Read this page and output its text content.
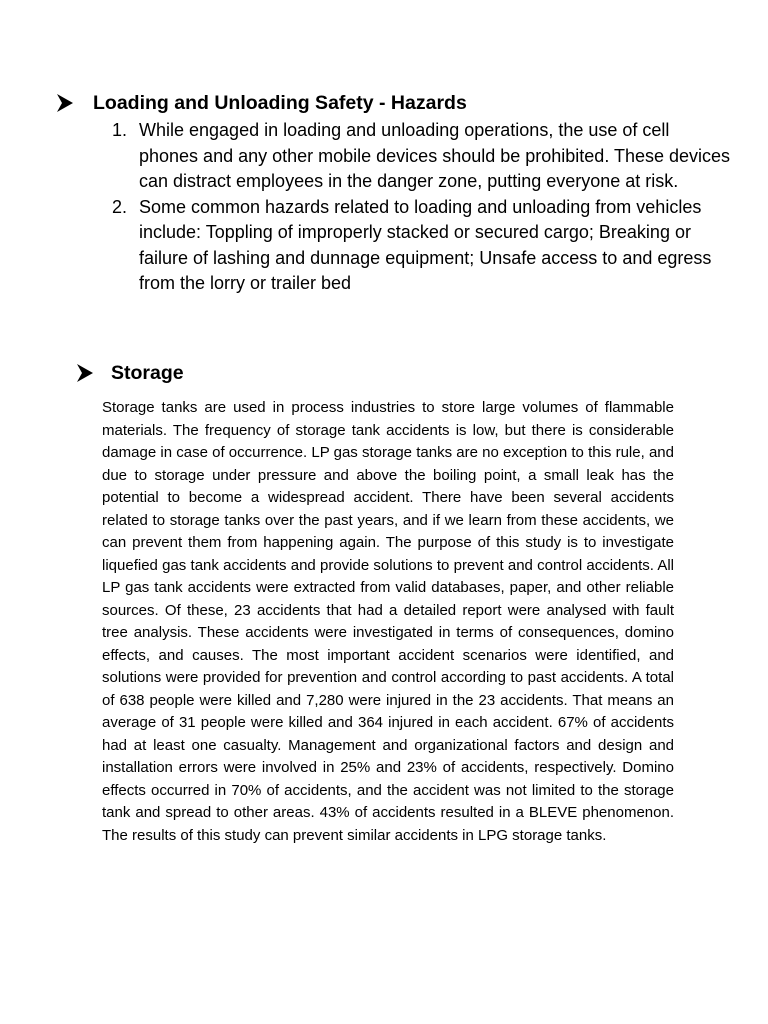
Loading and Unloading Safety - Hazards
1. While engaged in loading and unloading operations, the use of cell phones and any other mobile devices should be prohibited. These devices can distract employees in the danger zone, putting everyone at risk.
2. Some common hazards related to loading and unloading from vehicles include: Toppling of improperly stacked or secured cargo; Breaking or failure of lashing and dunnage equipment; Unsafe access to and egress from the lorry or trailer bed
Storage

Storage tanks are used in process industries to store large volumes of flammable materials. The frequency of storage tank accidents is low, but there is considerable damage in case of occurrence. LP gas storage tanks are no exception to this rule, and due to storage under pressure and above the boiling point, a small leak has the potential to become a widespread accident. There have been several accidents related to storage tanks over the past years, and if we learn from these accidents, we can prevent them from happening again. The purpose of this study is to investigate liquefied gas tank accidents and provide solutions to prevent and control accidents. All LP gas tank accidents were extracted from valid databases, paper, and other reliable sources. Of these, 23 accidents that had a detailed report were analysed with fault tree analysis. These accidents were investigated in terms of consequences, domino effects, and causes. The most important accident scenarios were identified, and solutions were provided for prevention and control according to past accidents. A total of 638 people were killed and 7,280 were injured in the 23 accidents. That means an average of 31 people were killed and 364 injured in each accident. 67% of accidents had at least one casualty. Management and organizational factors and design and installation errors were involved in 25% and 23% of accidents, respectively. Domino effects occurred in 70% of accidents, and the accident was not limited to the storage tank and spread to other areas. 43% of accidents resulted in a BLEVE phenomenon. The results of this study can prevent similar accidents in LPG storage tanks.
